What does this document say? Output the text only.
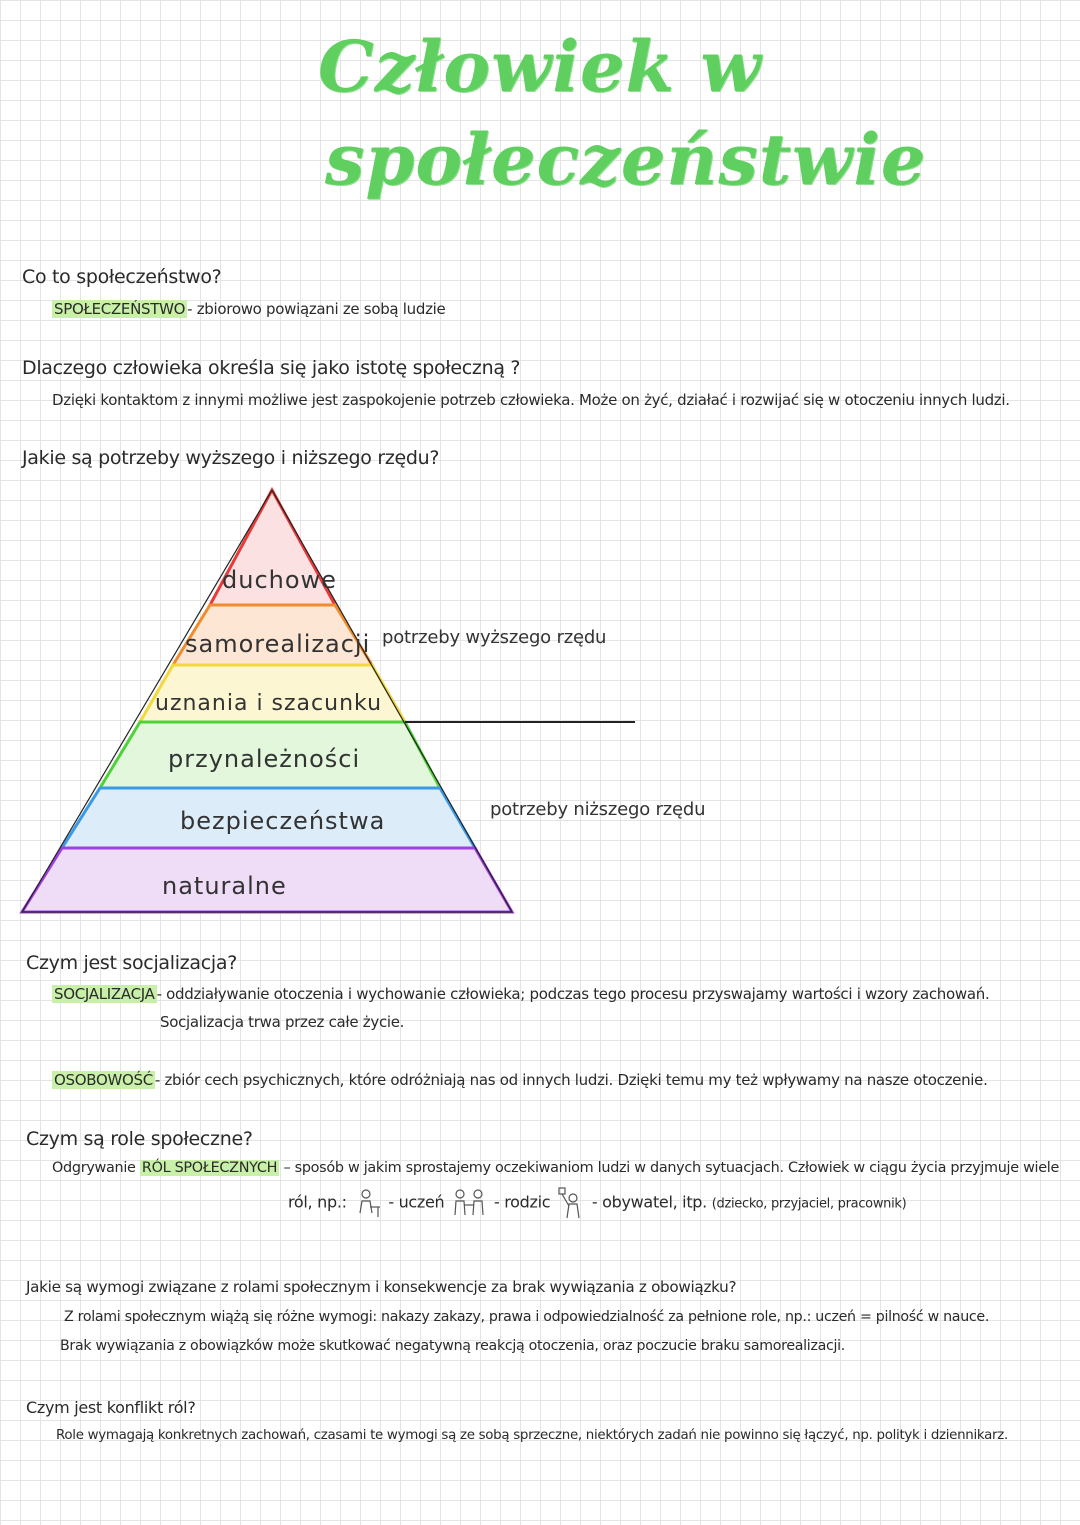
Człowiek w
społeczeństwie
Co to społeczeństwo?
SPOŁECZEŃSTWO - zbiorowo powiązani ze sobą ludzie
Dlaczego człowieka określa się jako istotę społeczną ?
Dzięki kontaktom z innymi możliwe jest zaspokojenie potrzeb człowieka. Może on żyć, działać i rozwijać się w otoczeniu innych ludzi.
Jakie są potrzeby wyższego i niższego rzędu?
duchowe
samorealizacji
uznania i szacunku
przynależności
bezpieczeństwa
naturalne
potrzeby wyższego rzędu
potrzeby niższego rzędu
Czym jest socjalizacja?
SOCJALIZACJA - oddziaływanie otoczenia i wychowanie człowieka; podczas tego procesu przyswajamy wartości i wzory zachowań.
Socjalizacja trwa przez całe życie.
OSOBOWOŚĆ - zbiór cech psychicznych, które odróżniają nas od innych ludzi. Dzięki temu my też wpływamy na nasze otoczenie.
Czym są role społeczne?
Odgrywanie RÓL SPOŁECZNYCH – sposób w jakim sprostajemy oczekiwaniom ludzi w danych sytuacjach. Człowiek w ciągu życia przyjmuje wiele
ról, np.:	- uczeń	- rodzic	- obywatel, itp. (dziecko, przyjaciel, pracownik)
Jakie są wymogi związane z rolami społecznym i konsekwencje za brak wywiązania z obowiązku?
Z rolami społecznym wiążą się różne wymogi: nakazy zakazy, prawa i odpowiedzialność za pełnione role, np.: uczeń = pilność w nauce.
Brak wywiązania z obowiązków może skutkować negatywną reakcją otoczenia, oraz poczucie braku samorealizacji.
Czym jest konflikt ról?
Role wymagają konkretnych zachowań, czasami te wymogi są ze sobą sprzeczne, niektórych zadań nie powinno się łączyć, np. polityk i dziennikarz.
